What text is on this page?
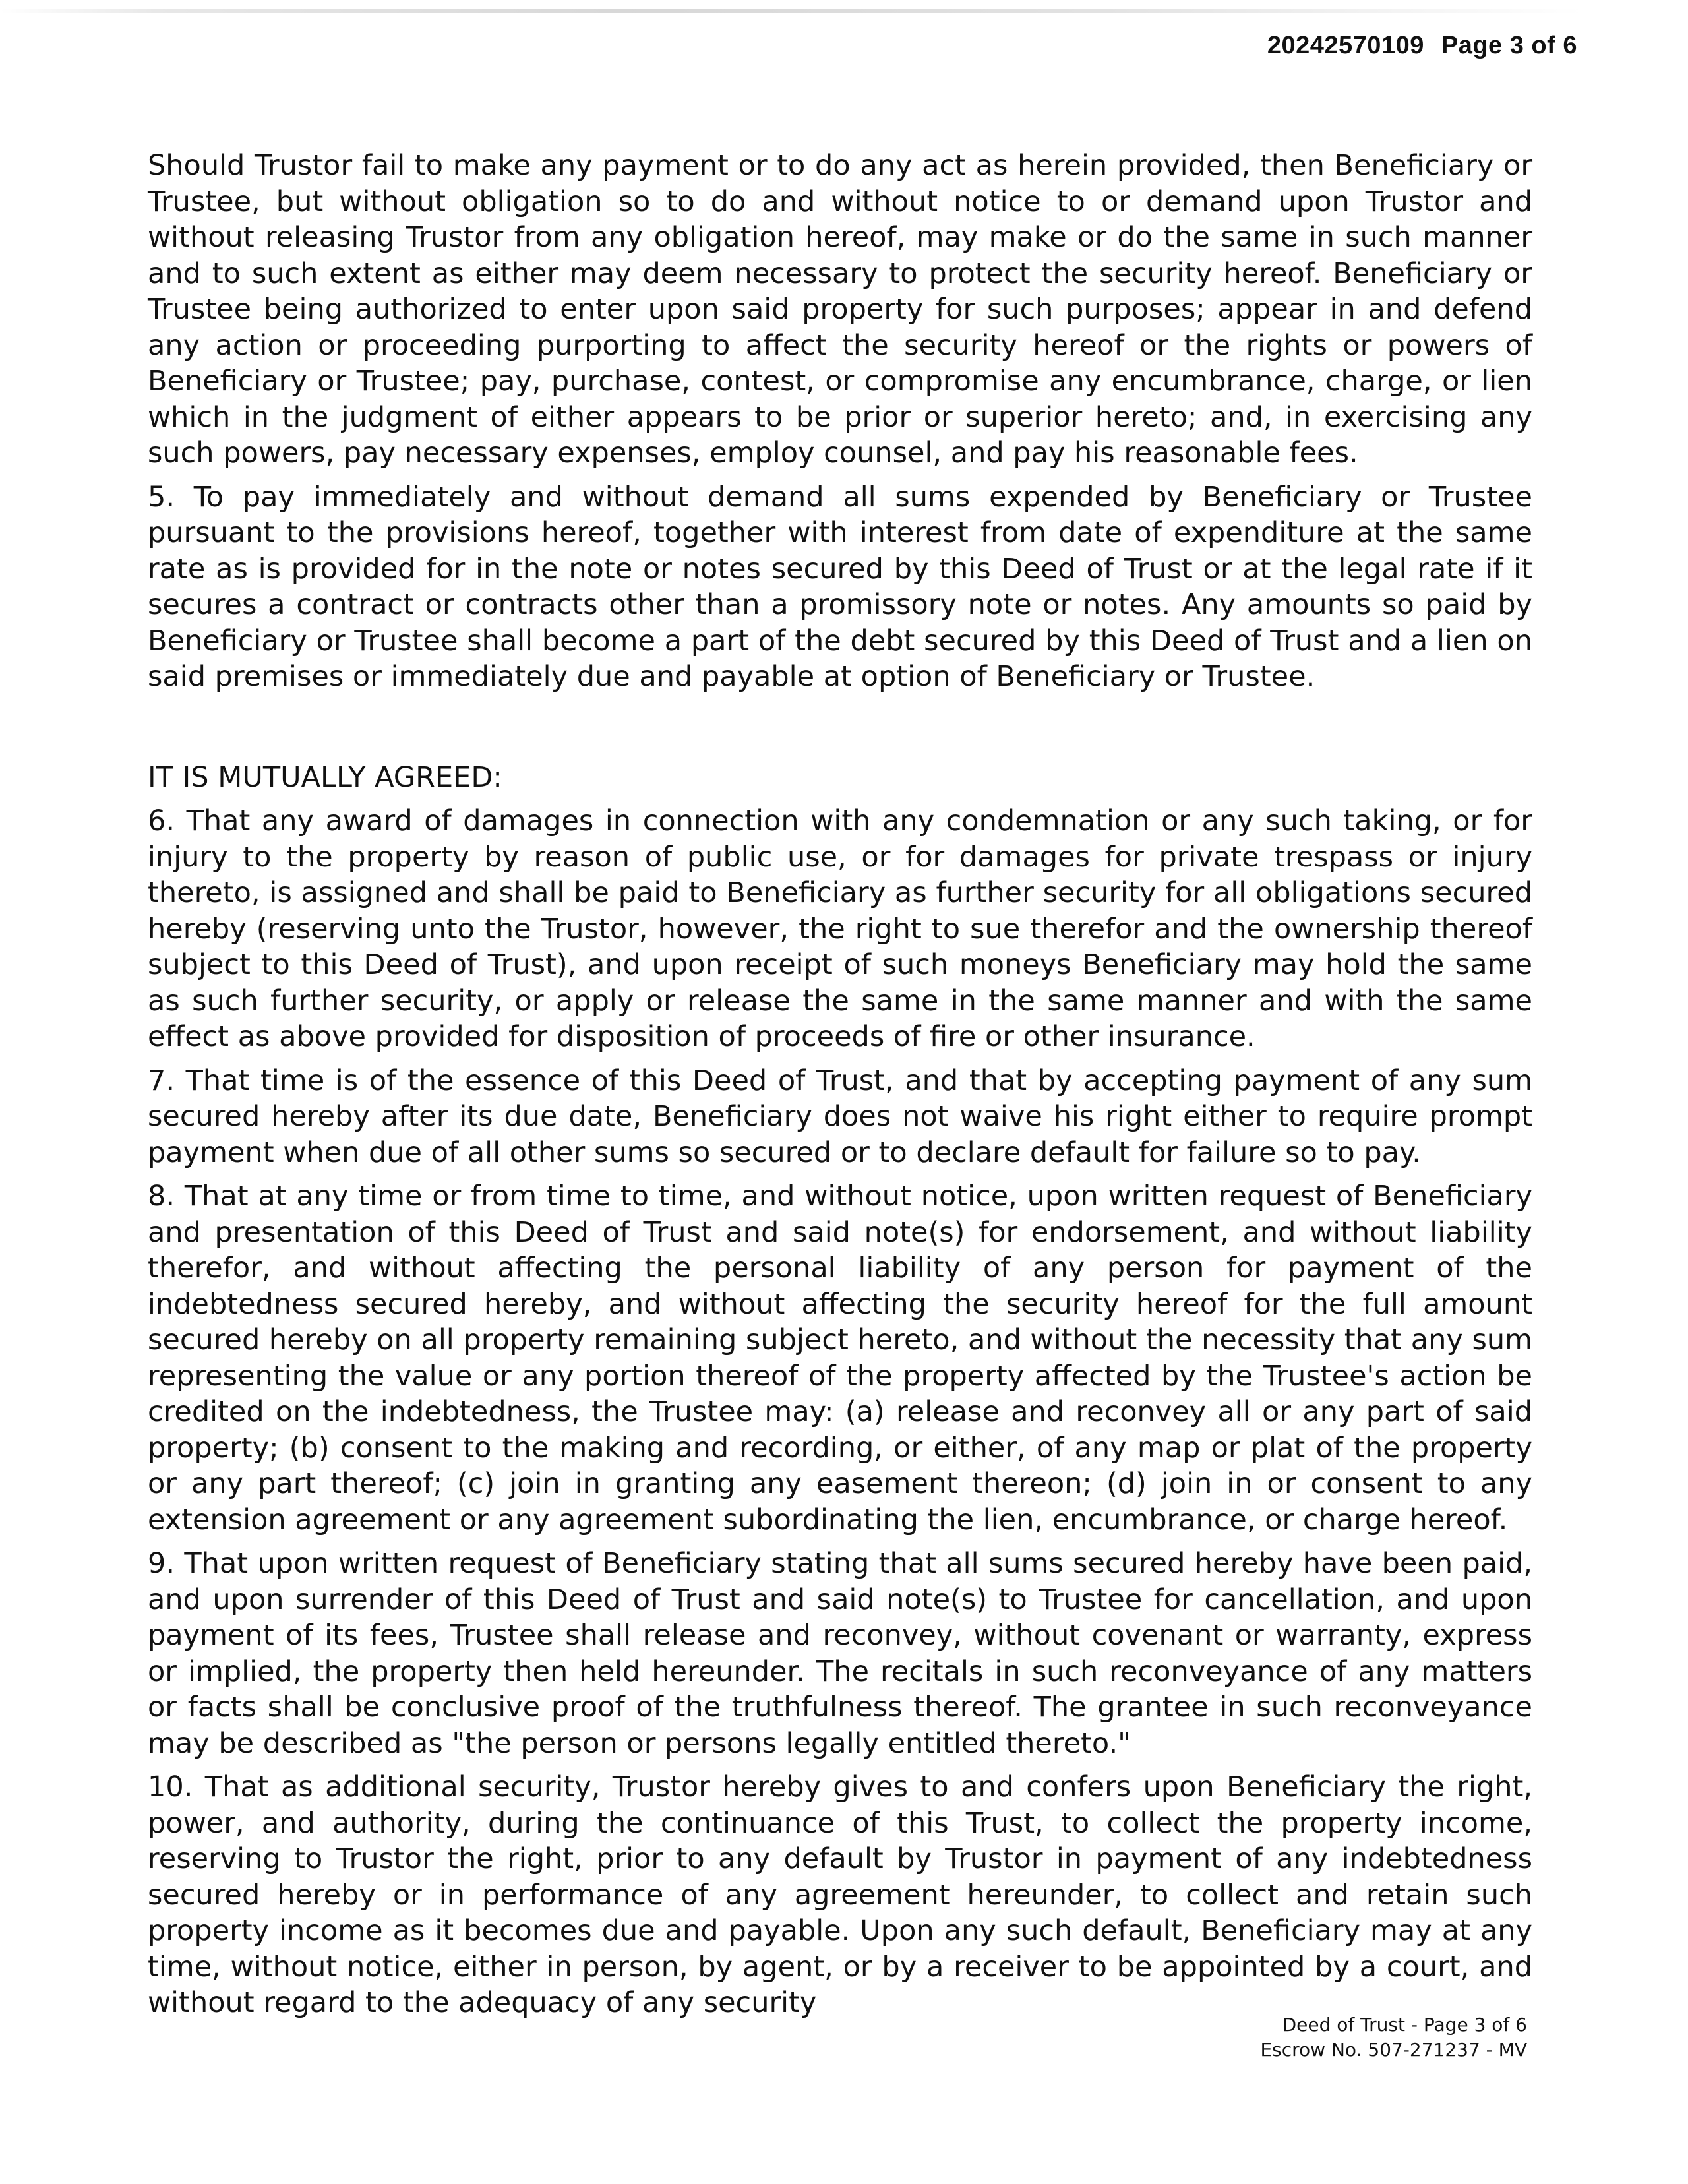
20242570109 Page 3 of 6

Should Trustor fail to make any payment or to do any act as herein provided, then Beneficiary or Trustee, but without obligation so to do and without notice to or demand upon Trustor and without releasing Trustor from any obligation hereof, may make or do the same in such manner and to such extent as either may deem necessary to protect the security hereof. Beneficiary or Trustee being authorized to enter upon said property for such purposes; appear in and defend any action or proceeding purporting to affect the security hereof or the rights or powers of Beneficiary or Trustee; pay, purchase, contest, or compromise any encumbrance, charge, or lien which in the judgment of either appears to be prior or superior hereto; and, in exercising any such powers, pay necessary expenses, employ counsel, and pay his reasonable fees.

5. To pay immediately and without demand all sums expended by Beneficiary or Trustee pursuant to the provisions hereof, together with interest from date of expenditure at the same rate as is provided for in the note or notes secured by this Deed of Trust or at the legal rate if it secures a contract or contracts other than a promissory note or notes. Any amounts so paid by Beneficiary or Trustee shall become a part of the debt secured by this Deed of Trust and a lien on said premises or immediately due and payable at option of Beneficiary or Trustee.

IT IS MUTUALLY AGREED:

6. That any award of damages in connection with any condemnation or any such taking, or for injury to the property by reason of public use, or for damages for private trespass or injury thereto, is assigned and shall be paid to Beneficiary as further security for all obligations secured hereby (reserving unto the Trustor, however, the right to sue therefor and the ownership thereof subject to this Deed of Trust), and upon receipt of such moneys Beneficiary may hold the same as such further security, or apply or release the same in the same manner and with the same effect as above provided for disposition of proceeds of fire or other insurance.

7. That time is of the essence of this Deed of Trust, and that by accepting payment of any sum secured hereby after its due date, Beneficiary does not waive his right either to require prompt payment when due of all other sums so secured or to declare default for failure so to pay.

8. That at any time or from time to time, and without notice, upon written request of Beneficiary and presentation of this Deed of Trust and said note(s) for endorsement, and without liability therefor, and without affecting the personal liability of any person for payment of the indebtedness secured hereby, and without affecting the security hereof for the full amount secured hereby on all property remaining subject hereto, and without the necessity that any sum representing the value or any portion thereof of the property affected by the Trustee's action be credited on the indebtedness, the Trustee may: (a) release and reconvey all or any part of said property; (b) consent to the making and recording, or either, of any map or plat of the property or any part thereof; (c) join in granting any easement thereon; (d) join in or consent to any extension agreement or any agreement subordinating the lien, encumbrance, or charge hereof.

9. That upon written request of Beneficiary stating that all sums secured hereby have been paid, and upon surrender of this Deed of Trust and said note(s) to Trustee for cancellation, and upon payment of its fees, Trustee shall release and reconvey, without covenant or warranty, express or implied, the property then held hereunder. The recitals in such reconveyance of any matters or facts shall be conclusive proof of the truthfulness thereof. The grantee in such reconveyance may be described as "the person or persons legally entitled thereto."

10. That as additional security, Trustor hereby gives to and confers upon Beneficiary the right, power, and authority, during the continuance of this Trust, to collect the property income, reserving to Trustor the right, prior to any default by Trustor in payment of any indebtedness secured hereby or in performance of any agreement hereunder, to collect and retain such property income as it becomes due and payable. Upon any such default, Beneficiary may at any time, without notice, either in person, by agent, or by a receiver to be appointed by a court, and without regard to the adequacy of any security

Deed of Trust - Page 3 of 6
Escrow No. 507-271237 - MV
